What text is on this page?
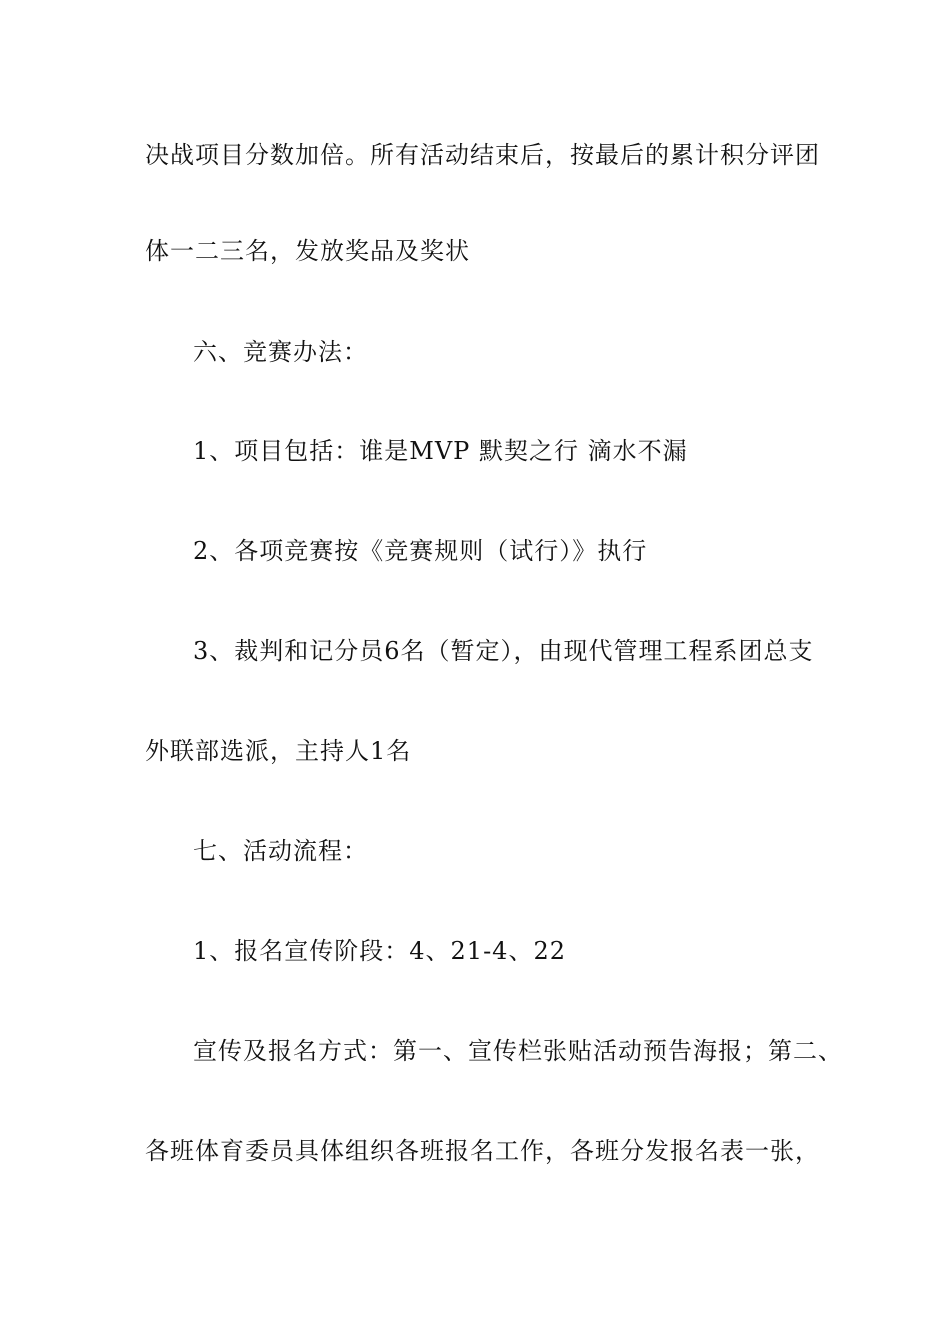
决战项目分数加倍。所有活动结束后，按最后的累计积分评团
体一二三名，发放奖品及奖状
六、竞赛办法：
1、项目包括：谁是MVP 默契之行 滴水不漏
2、各项竞赛按《竞赛规则（试行）》执行
3、裁判和记分员6名（暂定），由现代管理工程系团总支
外联部选派，主持人1名
七、活动流程：
1、报名宣传阶段：4、21-4、22
宣传及报名方式：第一、宣传栏张贴活动预告海报；第二、
各班体育委员具体组织各班报名工作，各班分发报名表一张，
